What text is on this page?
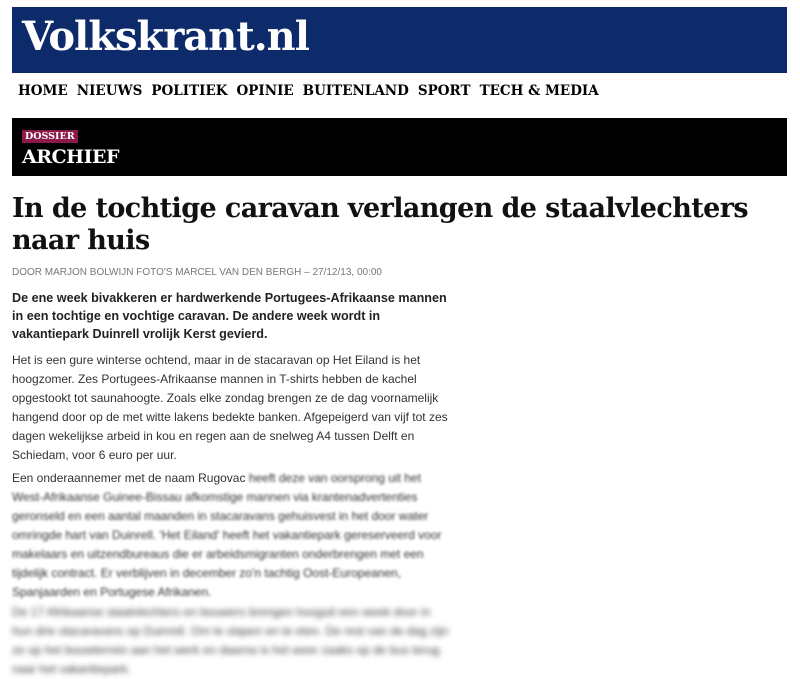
Volkskrant.nl
HOME NIEUWS POLITIEK OPINIE BUITENLAND SPORT TECH & MEDIA
DOSSIER
ARCHIEF
In de tochtige caravan verlangen de staalvlechters naar huis
DOOR MARJON BOLWIJN FOTO'S MARCEL VAN DEN BERGH – 27/12/13, 00:00

De ene week bivakkeren er hardwerkende Portugees-Afrikaanse mannen in een tochtige en vochtige caravan. De andere week wordt in vakantiepark Duinrell vrolijk Kerst gevierd.

Het is een gure winterse ochtend, maar in de stacaravan op Het Eiland is het hoogzomer. Zes Portugees-Afrikaanse mannen in T-shirts hebben de kachel opgestookt tot saunahoogte. Zoals elke zondag brengen ze de dag voornamelijk hangend door op de met witte lakens bedekte banken. Afgepeigerd van vijf tot zes dagen wekelijkse arbeid in kou en regen aan de snelweg A4 tussen Delft en Schiedam, voor 6 euro per uur.

Een onderaannemer met de naam Rugovac heeft deze van oorsprong uit het West-Afrikaanse Guinee-Bissau afkomstige mannen via krantenadvertenties geronseld en een aantal maanden in stacaravans gehuisvest in het door water omringde hart van Duinrell. 'Het Eiland' heeft het vakantiepark gereserveerd voor makelaars en uitzendbureaus die er arbeidsmigranten onderbrengen met een tijdelijk contract. Er verblijven in december zo'n tachtig Oost-Europeanen, Spanjaarden en Portugese Afrikanen.

De 17 Afrikaanse staalvlechters en bouwers brengen hooguit een week door in hun drie stacaravans op Duinrell. Om te slapen en te eten. De rest van de dag zijn ze op het bouwterrein aan het werk en daarna is het weer zaaks op de bus terug naar het vakantiepark.
